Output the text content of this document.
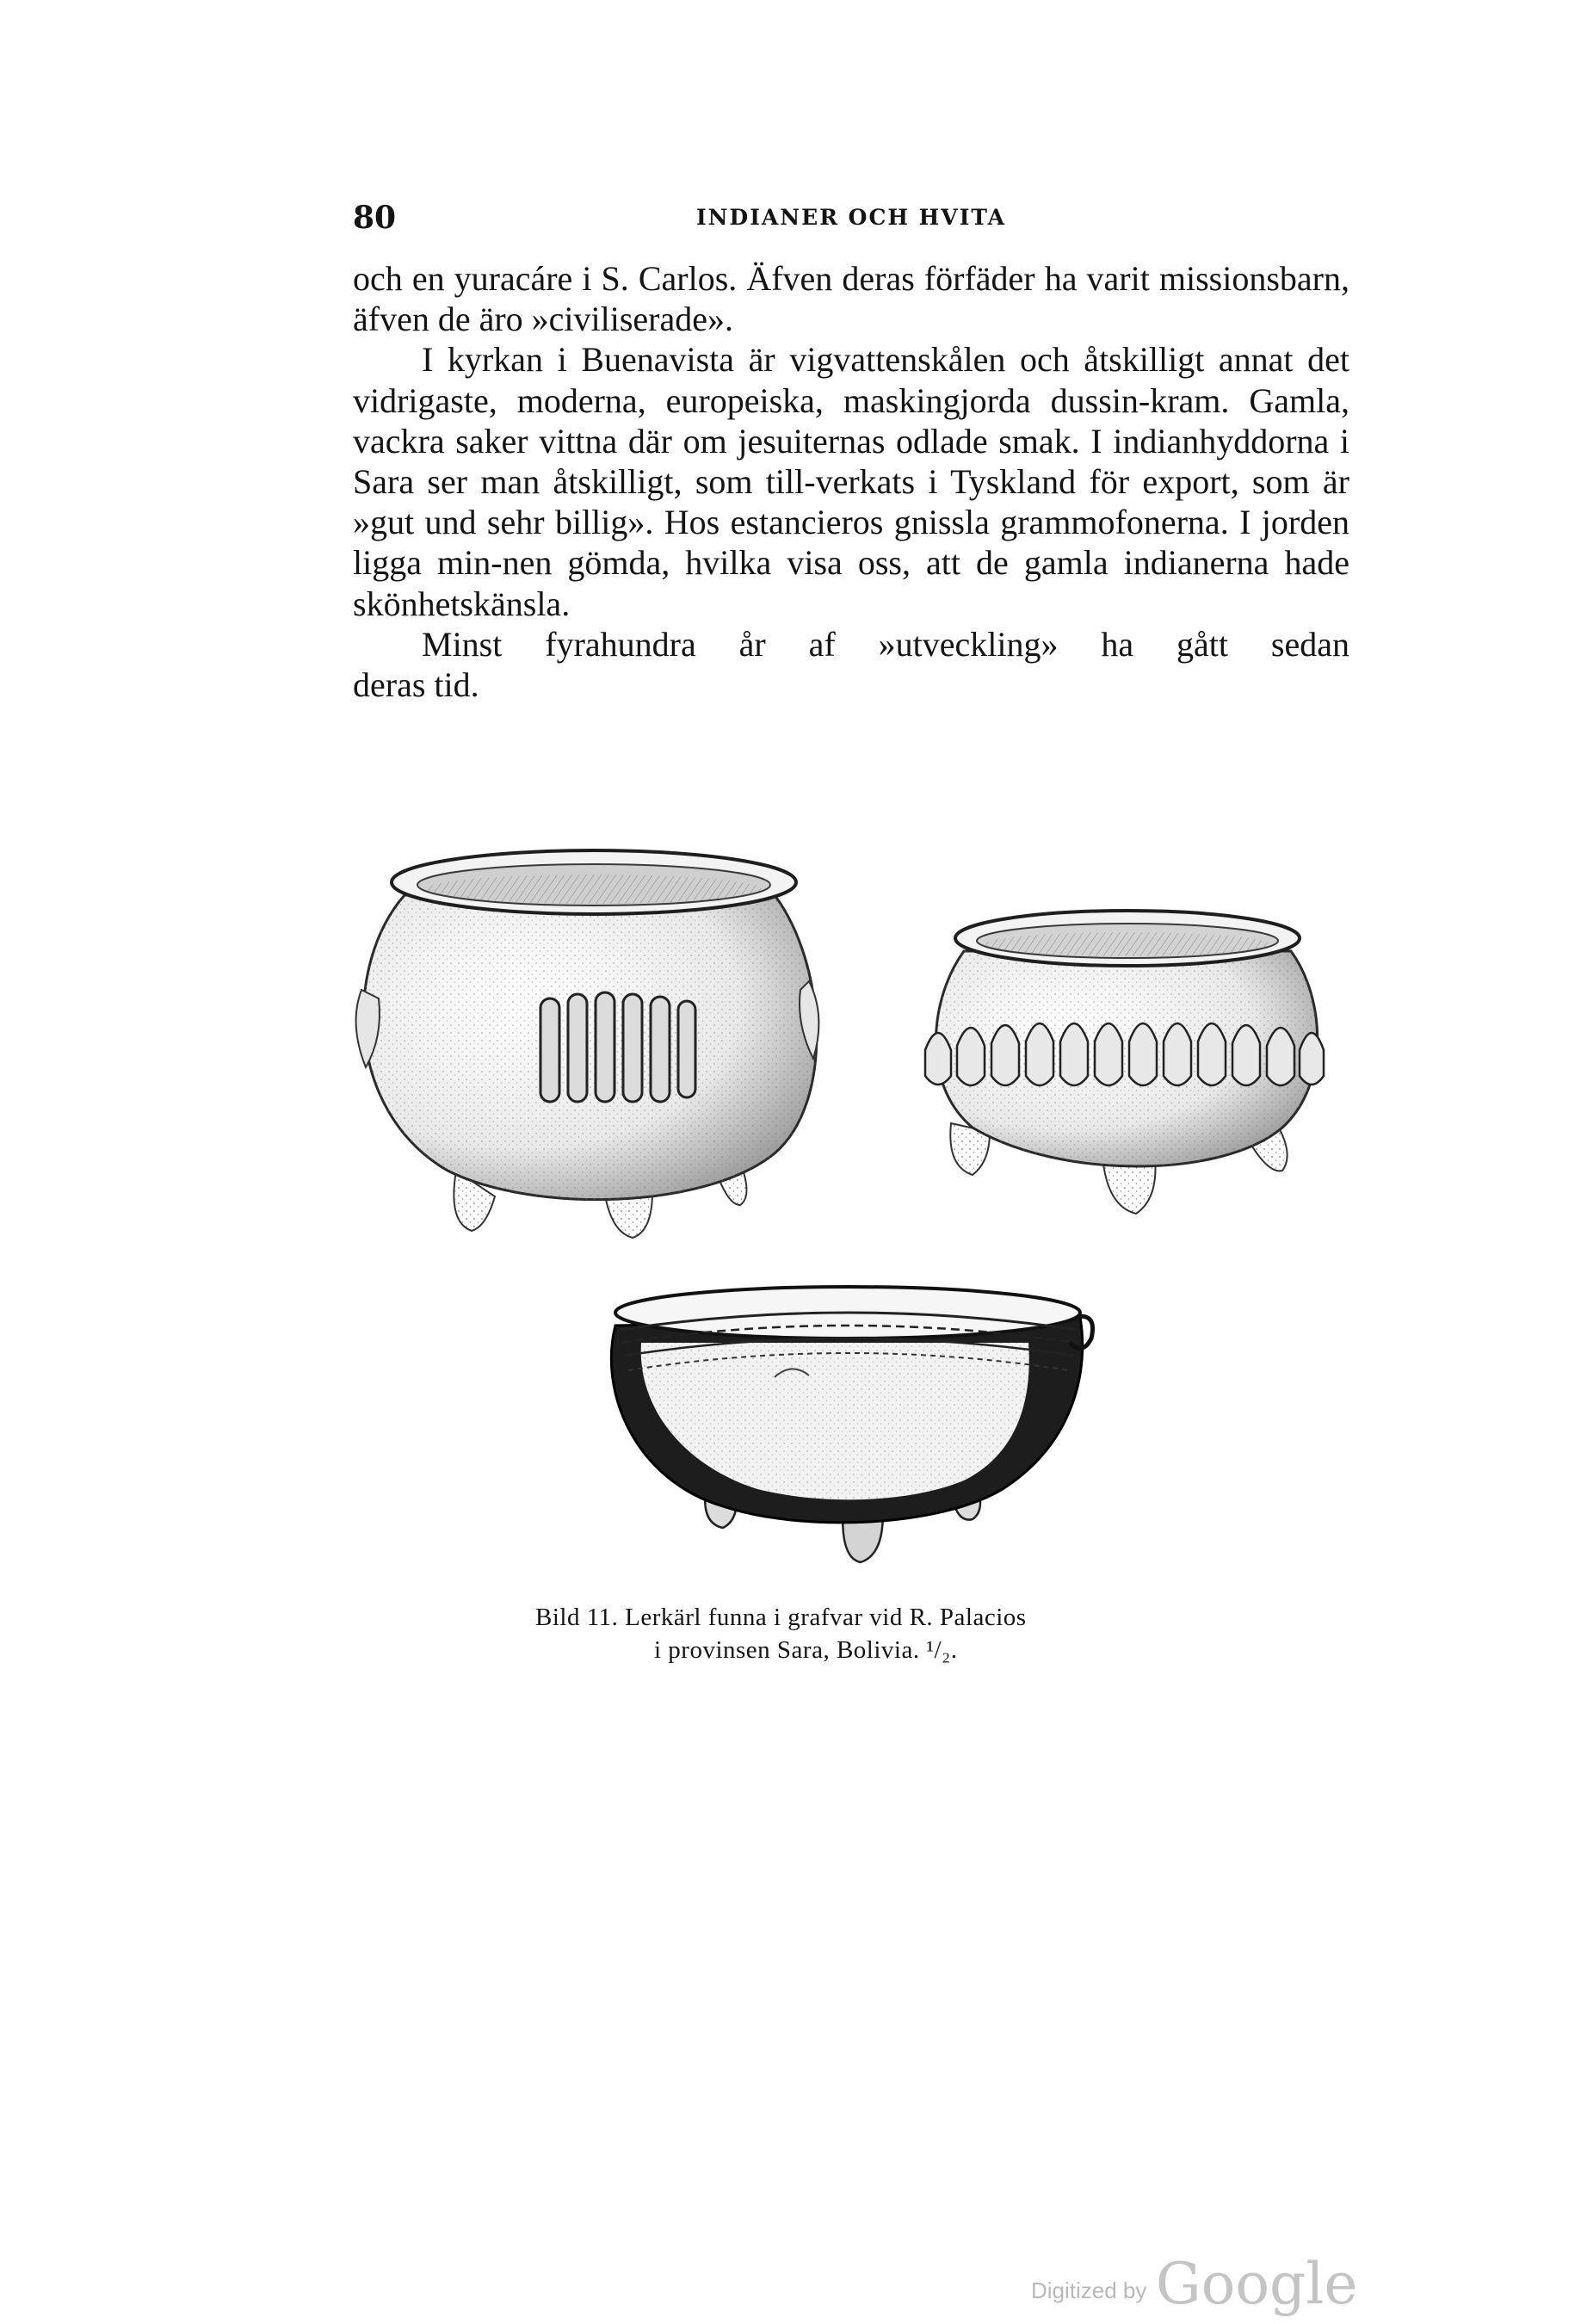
80	INDIANER OCH HVITA

och en yuracáre i S. Carlos. Äfven deras förfäder ha varit missionsbarn, äfven de äro »civiliserade».

I kyrkan i Buenavista är vigvattenskålen och åtskilligt annat det vidrigaste, moderna, europeiska, maskingjorda dussin-kram. Gamla, vackra saker vittna där om jesuiternas odlade smak. I indianhyddorna i Sara ser man åtskilligt, som till-verkats i Tyskland för export, som är »gut und sehr billig». Hos estancieros gnissla grammofonerna. I jorden ligga min-nen gömda, hvilka visa oss, att de gamla indianerna hade skönhetskänsla.

Minst fyrahundra år af »utveckling» ha gått sedan

deras tid.

Bild 11. Lerkärl funna i grafvar vid R. Palacios
i provinsen Sara, Bolivia. ¹/₂.
Digitized by Google
